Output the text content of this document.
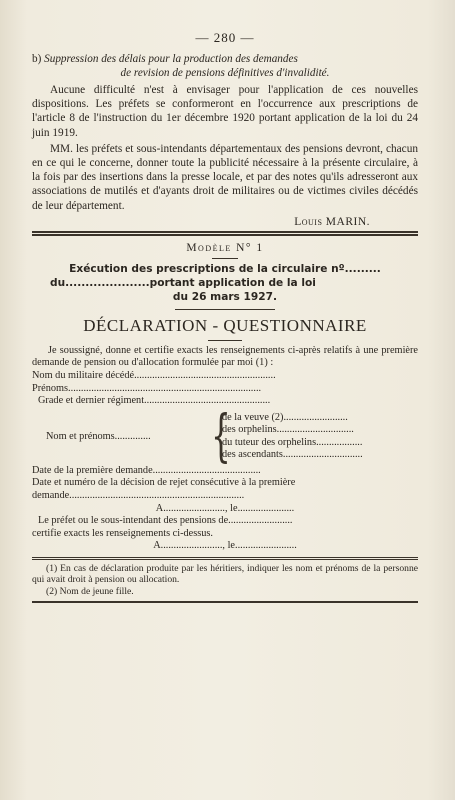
— 280 —
b) Suppression des délais pour la production des demandes
de revision de pensions définitives d'invalidité.

Aucune difficulté n'est à envisager pour l'application de ces nouvelles dispositions. Les préfets se conformeront en l'occurrence aux prescriptions de l'article 8 de l'instruction du 1er décembre 1920 portant application de la loi du 24 juin 1919.

MM. les préfets et sous-intendants départementaux des pensions devront, chacun en ce qui le concerne, donner toute la publicité nécessaire à la présente circulaire, à la fois par des insertions dans la presse locale, et par des notes qu'ils adresseront aux associations de mutilés et d'ayants droit de militaires ou de victimes civiles décédés de leur département.

Louis MARIN.
Modèle N° 1
Exécution des prescriptions de la circulaire nº.........
du.....................portant application de la loi
du 26 mars 1927.
DÉCLARATION - QUESTIONNAIRE
Je soussigné, donne et certifie exacts les renseignements ci-après relatifs à une première demande de pension ou d'allocation formulée par moi (1) :
Nom du militaire décédé.......................................................
Prénoms...........................................................................
Grade et dernier régiment.................................................
Nom et prénoms..............	{
de la veuve (2).........................
des orphelins..............................
du tuteur des orphelins..................
des ascendants...............................
Date de la première demande..........................................
Date et numéro de la décision de rejet consécutive à la première
demande....................................................................
A........................, le......................
Le préfet ou le sous-intendant des pensions de.........................
certifie exacts les renseignements ci-dessus.
A........................, le........................
(1) En cas de déclaration produite par les héritiers, indiquer les nom et prénoms de la personne qui avait droit à pension ou allocation.
(2) Nom de jeune fille.
